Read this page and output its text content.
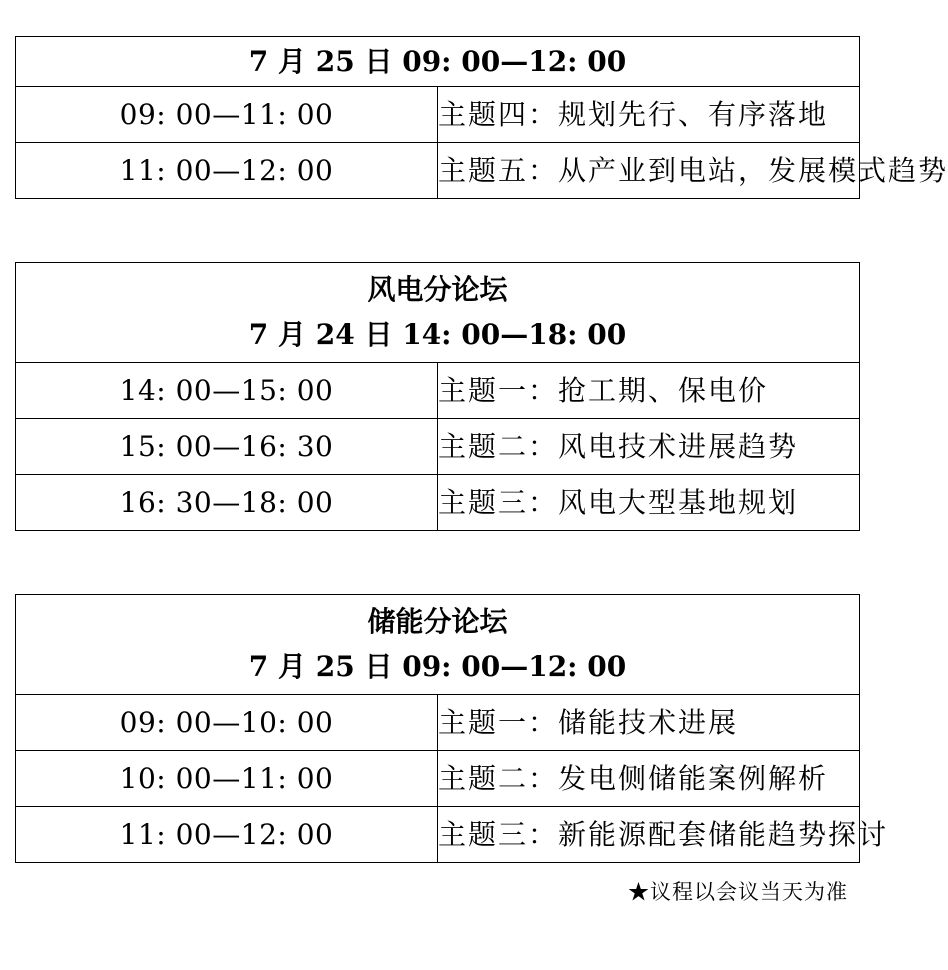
7 月 25 日 09: 00—12: 00	

09: 00—11: 00	主题四：规划先行、有序落地
11: 00—12: 00	主题五：从产业到电站，发展模式趋势
风电分论坛
7 月 24 日 14: 00—18: 00	

14: 00—15: 00	主题一：抢工期、保电价
15: 00—16: 30	主题二：风电技术进展趋势
16: 30—18: 00	主题三：风电大型基地规划
储能分论坛
7 月 25 日 09: 00—12: 00	

09: 00—10: 00	主题一：储能技术进展
10: 00—11: 00	主题二：发电侧储能案例解析
11: 00—12: 00	主题三：新能源配套储能趋势探讨
★议程以会议当天为准
